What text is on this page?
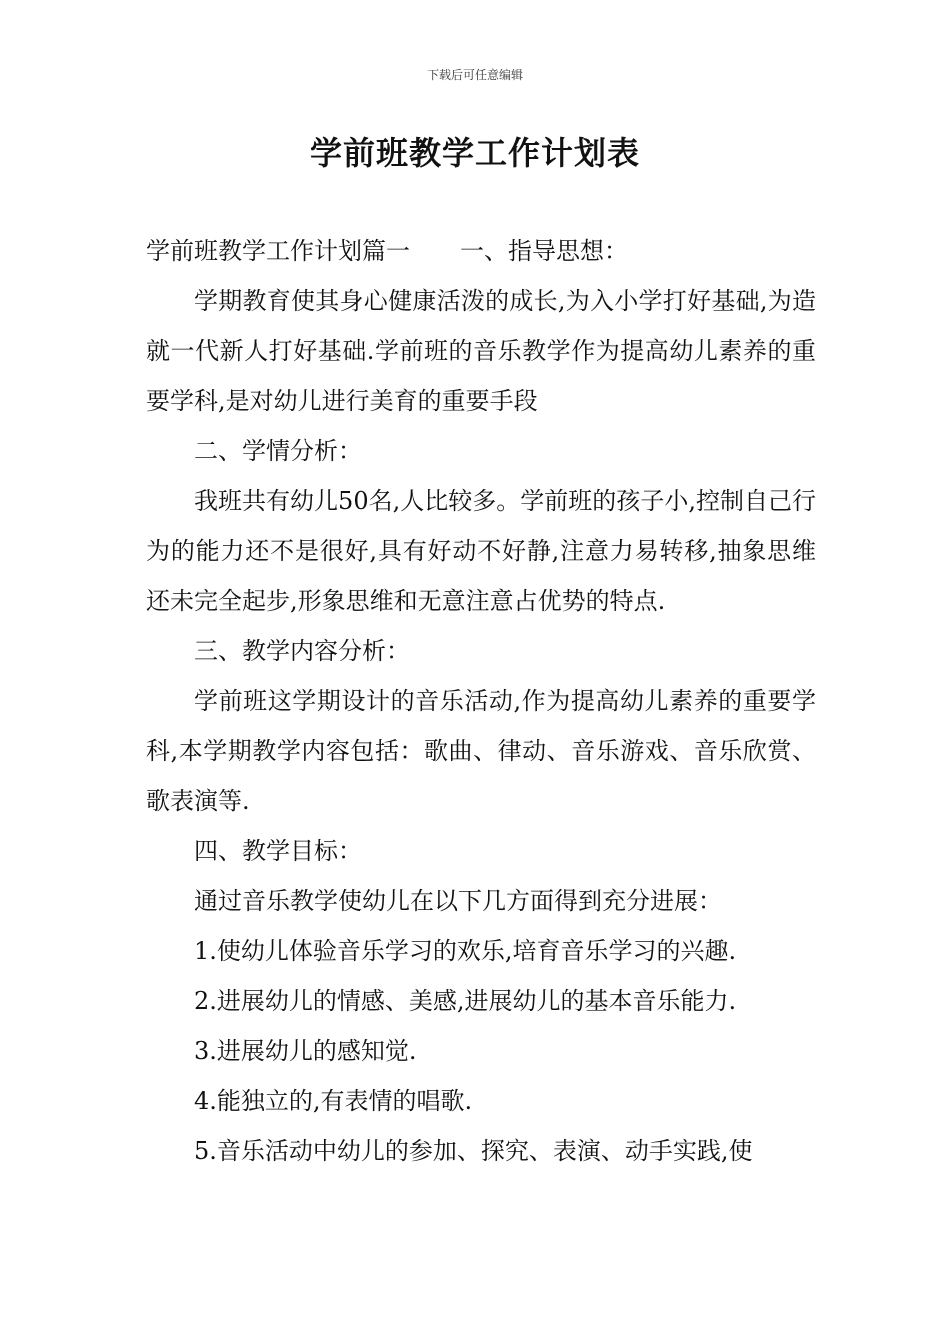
下载后可任意编辑
学前班教学工作计划表

学前班教学工作计划篇一 一、指导思想：

学期教育使其身心健康活泼的成长,为入小学打好基础,为造就一代新人打好基础.学前班的音乐教学作为提高幼儿素养的重要学科,是对幼儿进行美育的重要手段

二、学情分析：

我班共有幼儿50名,人比较多。学前班的孩子小,控制自己行为的能力还不是很好,具有好动不好静,注意力易转移,抽象思维还未完全起步,形象思维和无意注意占优势的特点.

三、教学内容分析：

学前班这学期设计的音乐活动,作为提高幼儿素养的重要学科,本学期教学内容包括：歌曲、律动、音乐游戏、音乐欣赏、歌表演等.

四、教学目标：

通过音乐教学使幼儿在以下几方面得到充分进展：

1.使幼儿体验音乐学习的欢乐,培育音乐学习的兴趣.

2.进展幼儿的情感、美感,进展幼儿的基本音乐能力.

3.进展幼儿的感知觉.

4.能独立的,有表情的唱歌.

5.音乐活动中幼儿的参加、探究、表演、动手实践,使
